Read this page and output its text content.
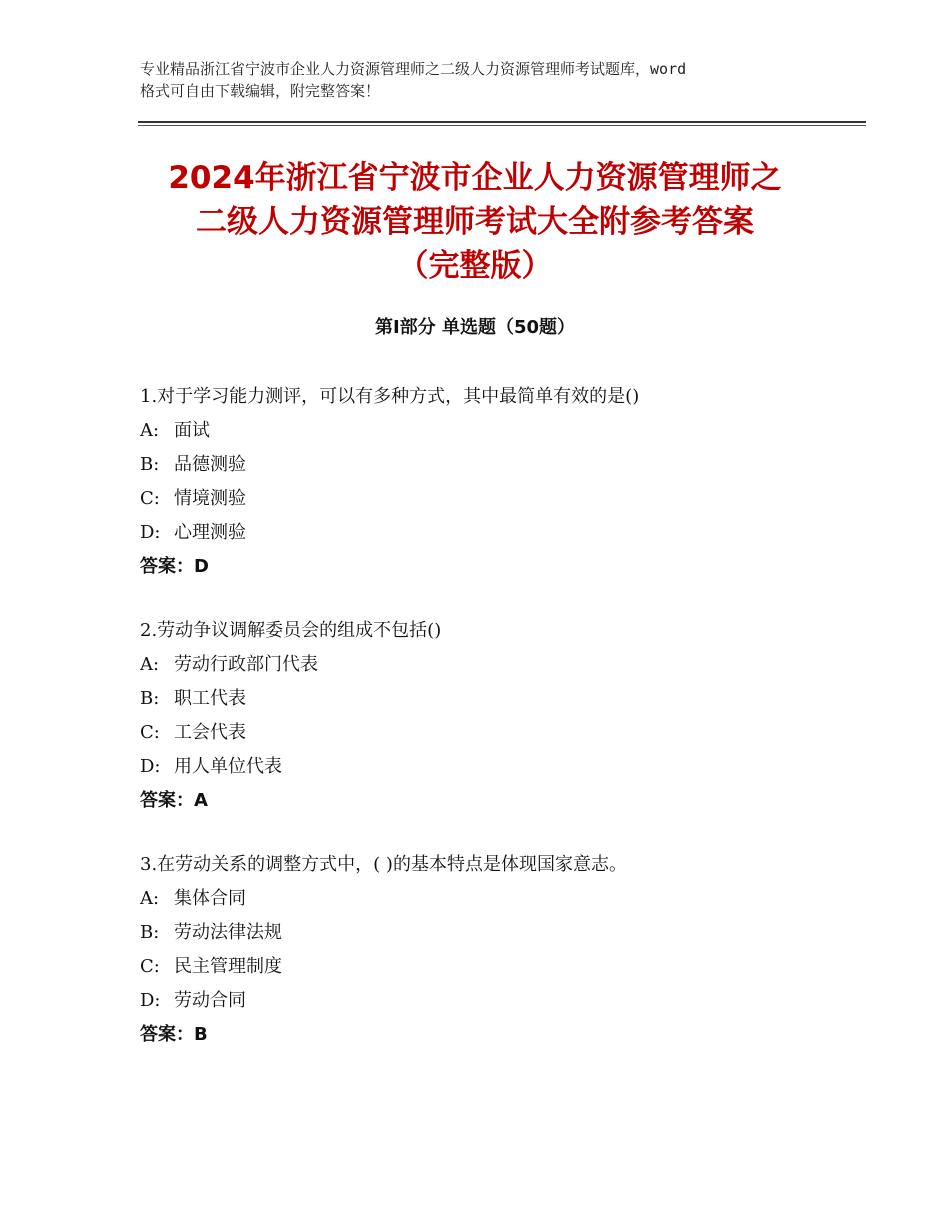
专业精品浙江省宁波市企业人力资源管理师之二级人力资源管理师考试题库，word
格式可自由下载编辑，附完整答案！
2024年浙江省宁波市企业人力资源管理师之
二级人力资源管理师考试大全附参考答案
（完整版）
第Ⅰ部分 单选题（50题）
1.对于学习能力测评，可以有多种方式，其中最简单有效的是()
A: 面试
B: 品德测验
C: 情境测验
D: 心理测验
答案：D
2.劳动争议调解委员会的组成不包括()
A: 劳动行政部门代表
B: 职工代表
C: 工会代表
D: 用人单位代表
答案：A
3.在劳动关系的调整方式中，( )的基本特点是体现国家意志。
A: 集体合同
B: 劳动法律法规
C: 民主管理制度
D: 劳动合同
答案：B
